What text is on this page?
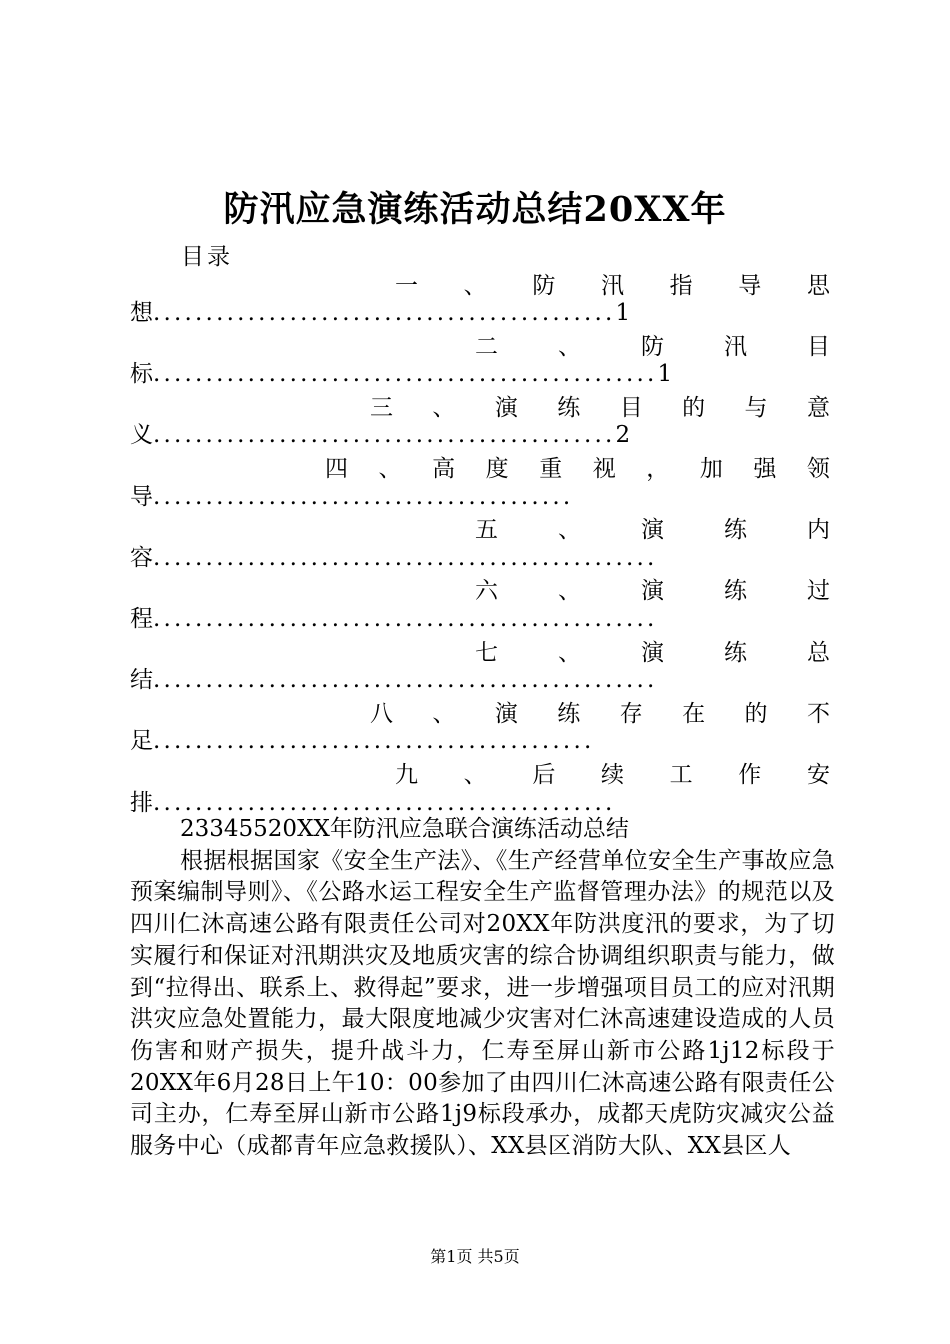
防汛应急演练活动总结20XX年
目录
一 、 防 汛 指 导 思
想............................................1
二	、	防	汛	目
标................................................1
三 、 演 练 目 的 与 意
义............................................2
四 、 高 度 重 视 ， 加 强 领
导........................................
五	、	演	练	内
容................................................
六	、	演	练	过
程................................................
七	、	演	练	总
结................................................
八 、 演 练 存 在 的 不
足..........................................
九 、 后 续 工 作 安
排............................................
23345520XX年防汛应急联合演练活动总结
根据根据国家《安全生产法》、《生产经营单位安全生产事故应急预案编制导则》、《公路水运工程安全生产监督管理办法》的规范以及四川仁沐高速公路有限责任公司对20XX年防洪度汛的要求，为了切实履行和保证对汛期洪灾及地质灾害的综合协调组织职责与能力，做到“拉得出、联系上、救得起”要求，进一步增强项目员工的应对汛期洪灾应急处置能力，最大限度地减少灾害对仁沐高速建设造成的人员伤害和财产损失，提升战斗力，仁寿至屏山新市公路1j12标段于20XX年6月28日上午10：00参加了由四川仁沐高速公路有限责任公司主办，仁寿至屏山新市公路1j9标段承办，成都天虎防灾减灾公益服务中心（成都青年应急救援队）、XX县区消防大队、XX县区人
第1页 共5页
